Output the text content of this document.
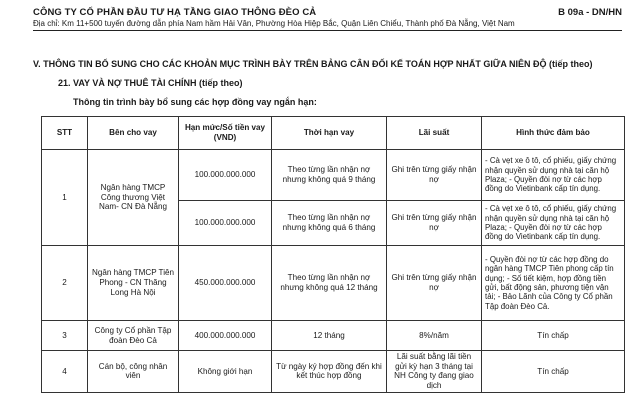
CÔNG TY CỔ PHẦN ĐẦU TƯ HẠ TẦNG GIAO THÔNG ĐÈO CẢ	B 09a - DN/HN
Địa chỉ: Km 11+500 tuyến đường dẫn phía Nam hầm Hải Vân, Phường Hòa Hiệp Bắc, Quận Liên Chiểu, Thành phố Đà Nẵng, Việt Nam
V. THÔNG TIN BỔ SUNG CHO CÁC KHOẢN MỤC TRÌNH BÀY TRÊN BẢNG CÂN ĐỐI KẾ TOÁN HỢP NHẤT GIỮA NIÊN ĐỘ (tiếp theo)
21. VAY VÀ NỢ THUÊ TÀI CHÍNH (tiếp theo)
Thông tin trình bày bổ sung các hợp đồng vay ngắn hạn:
STT	Bên cho vay	Hạn mức/Số tiền vay (VND)	Thời hạn vay	Lãi suất	Hình thức đảm bảo
1	Ngân hàng TMCP Công thương Việt Nam- CN Đà Nẵng	100.000.000.000	Theo từng lần nhận nợ nhưng không quá 9 tháng	Ghi trên từng giấy nhận nợ	- Cà vẹt xe ô tô, cổ phiếu, giấy chứng nhận quyền sử dụng nhà tại căn hộ Plaza; - Quyền đòi nợ từ các hợp đồng do Vietinbank cấp tín dụng.
		100.000.000.000	Theo từng lần nhận nợ nhưng không quá 6 tháng	Ghi trên từng giấy nhận nợ	- Cà vẹt xe ô tô, cổ phiếu, giấy chứng nhận quyền sử dụng nhà tại căn hộ Plaza; - Quyền đòi nợ từ các hợp đồng do Vietinbank cấp tín dụng.
2	Ngân hàng TMCP Tiên Phong - CN Thăng Long Hà Nội	450.000.000.000	Theo từng lần nhận nợ nhưng không quá 12 tháng	Ghi trên từng giấy nhận nợ	- Quyền đòi nợ từ các hợp đồng do ngân hàng TMCP Tiên phong cấp tín dụng; - Số tiết kiệm, hợp đồng tiền gửi, bất động sản, phương tiện vận tải; - Bảo Lãnh của Công ty Cổ phần Tập đoàn Đèo Cả.
3	Công ty Cổ phần Tập đoàn Đèo Cả	400.000.000.000	12 tháng	8%/năm	Tín chấp
4	Cán bộ, công nhân viên	Không giới hạn	Từ ngày ký hợp đồng đến khi kết thúc hợp đồng	Lãi suất bằng lãi tiền gửi kỳ hạn 3 tháng tại NH Công ty đang giao dịch	Tín chấp
